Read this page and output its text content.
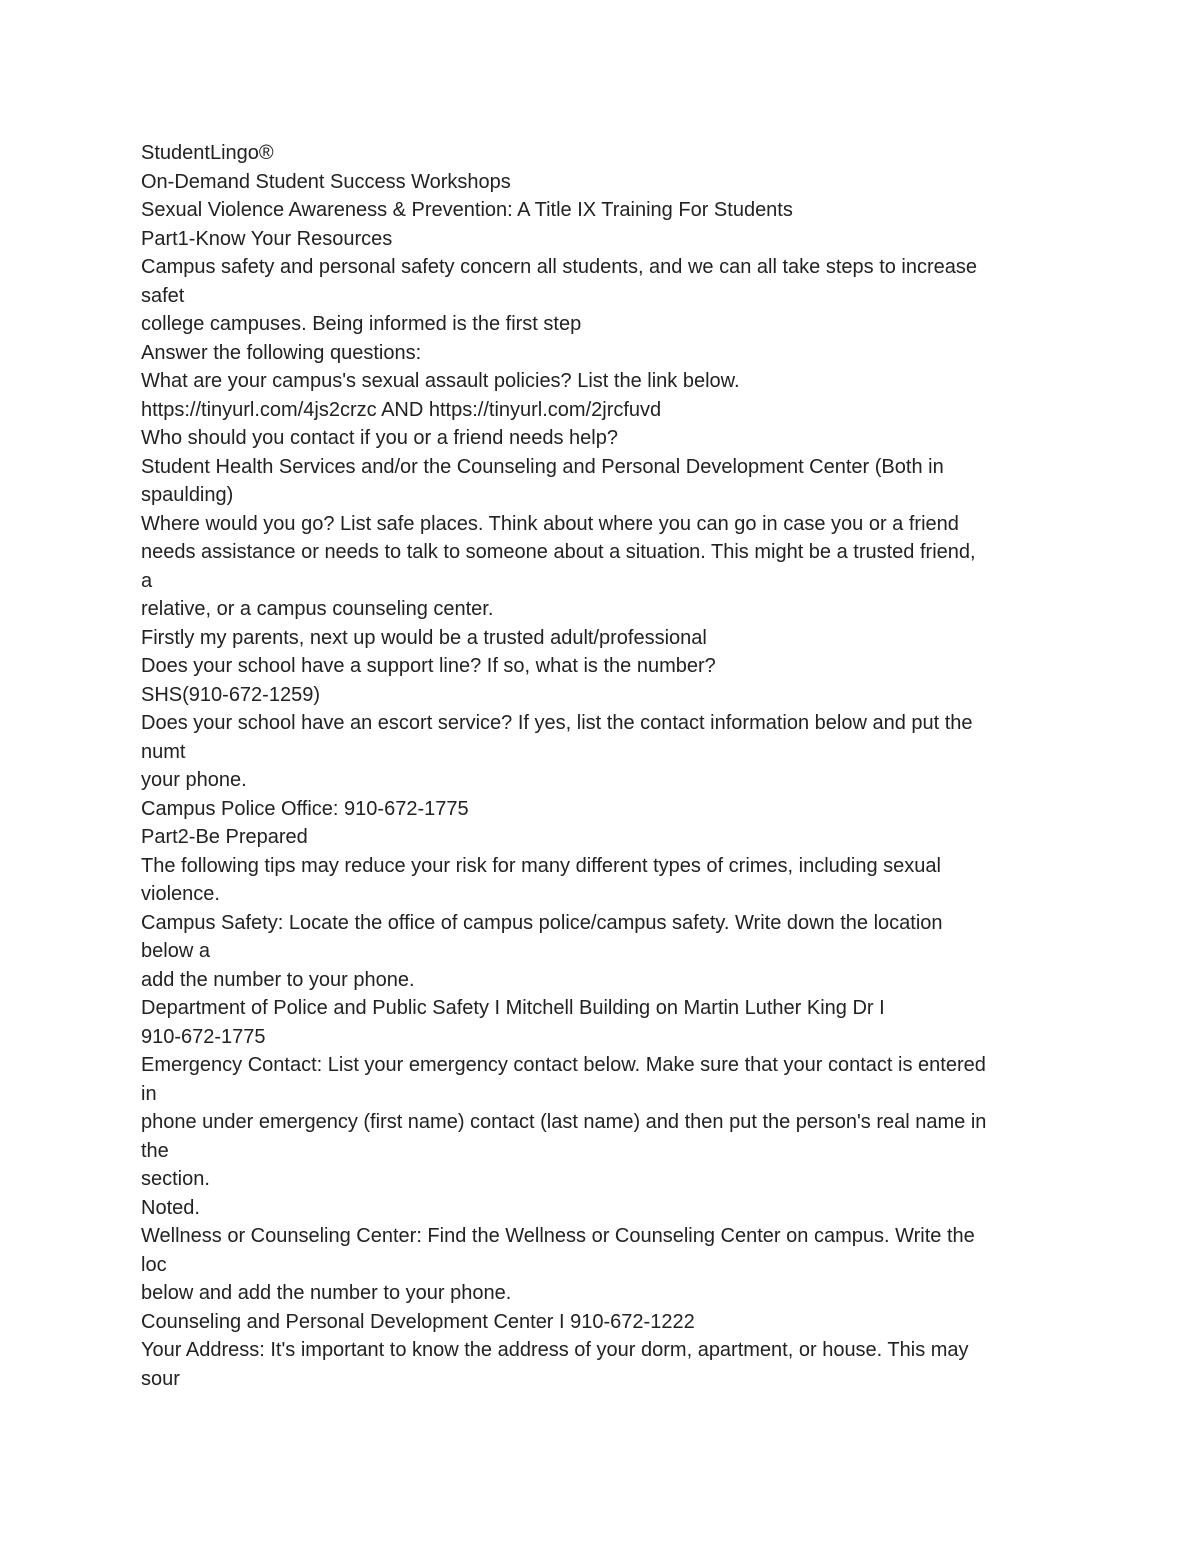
StudentLingo®
On-Demand Student Success Workshops
Sexual Violence Awareness & Prevention: A Title IX Training For Students
Part1-Know Your Resources
Campus safety and personal safety concern all students, and we can all take steps to increase
safet
college campuses. Being informed is the first step
Answer the following questions:
What are your campus's sexual assault policies? List the link below.
https://tinyurl.com/4js2crzc AND https://tinyurl.com/2jrcfuvd
Who should you contact if you or a friend needs help?
Student Health Services and/or the Counseling and Personal Development Center (Both in
spaulding)
Where would you go? List safe places. Think about where you can go in case you or a friend
needs assistance or needs to talk to someone about a situation. This might be a trusted friend,
a
relative, or a campus counseling center.
Firstly my parents, next up would be a trusted adult/professional
Does your school have a support line? If so, what is the number?
SHS(910-672-1259)
Does your school have an escort service? If yes, list the contact information below and put the
numt
your phone.
Campus Police Office: 910-672-1775
Part2-Be Prepared
The following tips may reduce your risk for many different types of crimes, including sexual
violence.
Campus Safety: Locate the office of campus police/campus safety. Write down the location
below a
add the number to your phone.
Department of Police and Public Safety I Mitchell Building on Martin Luther King Dr I
910-672-1775
Emergency Contact: List your emergency contact below. Make sure that your contact is entered
in
phone under emergency (first name) contact (last name) and then put the person's real name in
the
section.
Noted.
Wellness or Counseling Center: Find the Wellness or Counseling Center on campus. Write the
loc
below and add the number to your phone.
Counseling and Personal Development Center I 910-672-1222
Your Address: It's important to know the address of your dorm, apartment, or house. This may
sour
